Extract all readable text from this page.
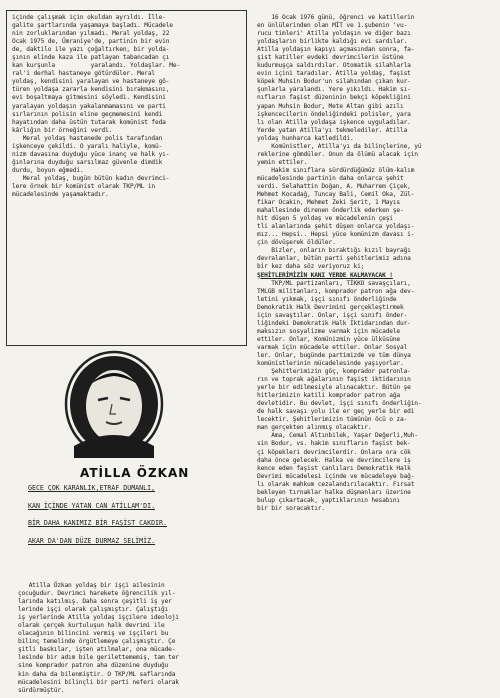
içinde çalışmak için okuldan ayrıldı. İlle-
galite şartlarında yaşamaya başladı. Mücadele
nin zorluklarından yılmadı. Meral yoldaş, 22
Ocak 1975 de, Ümraniye'de, partinin bir evin
de, daktilo ile yazı çoğaltırken, bir yolda-
şının elinde kaza ile patlayan tabancadan çı
kan kurşunla          yaralandı. Yoldaşlar. Me-
ral'i derhal hastaneye götürdüler. Meral
yoldaş, kendisini yaralayan ve hastaneye gö-
türen yoldaşa zararla kendisini bırakmasını,
evi boşaltmaya gitmesini söyledi. Kendisini
yaralayan yoldaşın yakalanmamasını ve parti
sırlarının polisin eline geçmemesini kendi
hayatından daha üstün tutarak komünist feda
kârlığın bir örneğini verdi.
Meral yoldaş hastanede polis tarafından
işkenceye çekildi. O yaralı haliyle, komü-
nizm davasına duyduğu yüce inanç ve halk yı-
ğınlarına duyduğu sarsılmaz güvenle dimdik
durdu, boyun eğmedi.
Meral yoldaş, bugün bütün kadın devrimci-
lere örnek bir komünist olarak TKP/ML in
mücadelesinde yaşamaktadır.
ATİLLA ÖZKAN
GECE ÇOK KARANLIK,ETRAF DUMANLI,
KAN İÇİNDE YATAN CAN ATİLLAM'DI.
BİR DAHA KANIMIZ BİR FAŞİST CAKDIR.
AKAR DA'DAN DÜZE DURMAZ SELİMİZ.
Atilla Özkan yoldaş bir işçi ailesinin
çocuğudur. Devrimci harekete öğrencilik yıl-
larında katılmış. Daha sonra çeşitli iş yer
lerinde işçi olarak çalışmıştır. Çalıştığı
iş yerlerinde Atilla yoldaş işçilere ideoloji
olarak çerçek kurtuluşun halk devrimi ile
olacağının bilincini vermiş ve işçileri bu
bilinç temelinde örgütlemeye çalışmıştır. Çe
şitli baskılar, işten atılmalar, ona mücade-
lesinde bir adım bile gerilettememiş, tam ter
sine komprador patron aha düzenine duyduğu
kin daha da bilenmiştir. O TKP/ML saflarında
mücadelesini bilinçli bir parti neferi olarak
sürdürmüştür.
16 Ocak 1976 günü, öğrenci ve katillerin
en ünlülerinden olan MİT ve 1.şubenin 'vu-
rucu timleri' Atilla yoldaşın ve diğer bazı
yoldaşların birlikte kaldığı evi sardılar.
Atilla yoldaşın kapıyı açmasından sonra, fa-
şist katiller evdeki devrimcilerin üstüne
kudurmuşça saldırdılar. Otomatik silahlarla
evin içini taradılar. Atilla yoldaş, faşist
köpek Muhsin Bodur'un silahından çıkan kur-
şunlarla yaralandı. Yere yıkıldı. Hakim sı-
nıfların faşist düzeninin bekçi köpekliğini
yapan Muhsin Bodur, Mete Altan gibi azılı
işkencecilerin öndeliğindeki polisler, yara
lı olan Atilla yoldaşa işkence uyguladılar.
Yerde yatan Atilla'yı tekmelediler. Atilla
yoldaş hunharca katledildi.
Komünistler, Atilla'yı da bilinçlerine, yü
reklerine gömdüler. Onun da ölümü alacak için
yemin ettiler.
Hakim sınıflara sürdürdüğümüz ölüm-kalım
mücadelesinde partinin daha onlarca şehit
verdi. Selahattin Doğan, A. Muharrem Çiçek,
Mehmet Kocadağ, Tuncay Bali, Cemil Oka, Zül-
fikar Ocakin, Mehmet Zeki Şerit, 1 Mayıs
mahallesinde direnen önderlik ederken şe-
hit düşen 5 yoldaş ve mücadelenin çeşi
tli alanlarında şehit düşen onlarca yoldaşı-
mız... Hepsi.. Hepsi yüce komünizm davası i-
çin dövüşerek öldüler.
Bizler, onların bıraktığı kızıl bayrağı
devralanlar, bütün parti şehitlerimiz adına
bir kez daha söz veriyoruz ki;
ŞEHİTLERİMİZİN KANI YERDE KALMAYACAK !
TKP/ML partizanları, TİKKO savaşçıları,
TMLGB militanları, komprador patron ağa dev-
letini yıkmak, işçi sınıfı önderliğinde
Demokratik Halk Devrimini gerçekleştirmek
için savaştılar. Onlar, işçi sınıfı önder-
liğindeki Demokratik Halk İktidarından dur-
maksızın sosyalizme varmak için mücadele
ettiler. Onlar, Komünizmin yüce ülküsüne
varmak için mücadele ettiler. Onlar Sosyal
ler. Onlar, bugünde partimizde ve tüm dünya
komünistlerinin mücadelesinde yaşıyorlar.
Şehitlerimizin göç, komprador patronla-
rın ve toprak ağalarının faşist iktidarının
yerle bir edilmesiyle alınacaktır. Bütün şe
hitlerimizin katili komprador patron ağa
devletidir. Bu devlet, işçi sınıfı önderliğin-
de halk savaşı yolu ile er geç yerle bir edi
lecektir. Şehitlerimizin tümünün öcü o za-
man gerçekten alınmış olacaktır.
Ama, Cemal Altınbilek, Yaşar Değerli,Muh-
sin Bodur, vs. hakim sınıfların faşist bek-
çi köpekleri devrimcilerdir. Onlara ora cök
daha önce gelecek. Halka ve devrimcilere iş
kence eden faşist canlıları Demokratik Halk
Devrimi mücadelesi içinde ve mücadeleye bağ-
lı olarak mahkum cezalandırılacaktır. Fırsat
bekleyen tırnaklar halka düşmanları üzerine
bulup çıkartacak, yaptıklarının hesabını
bir bir soracaktır.
